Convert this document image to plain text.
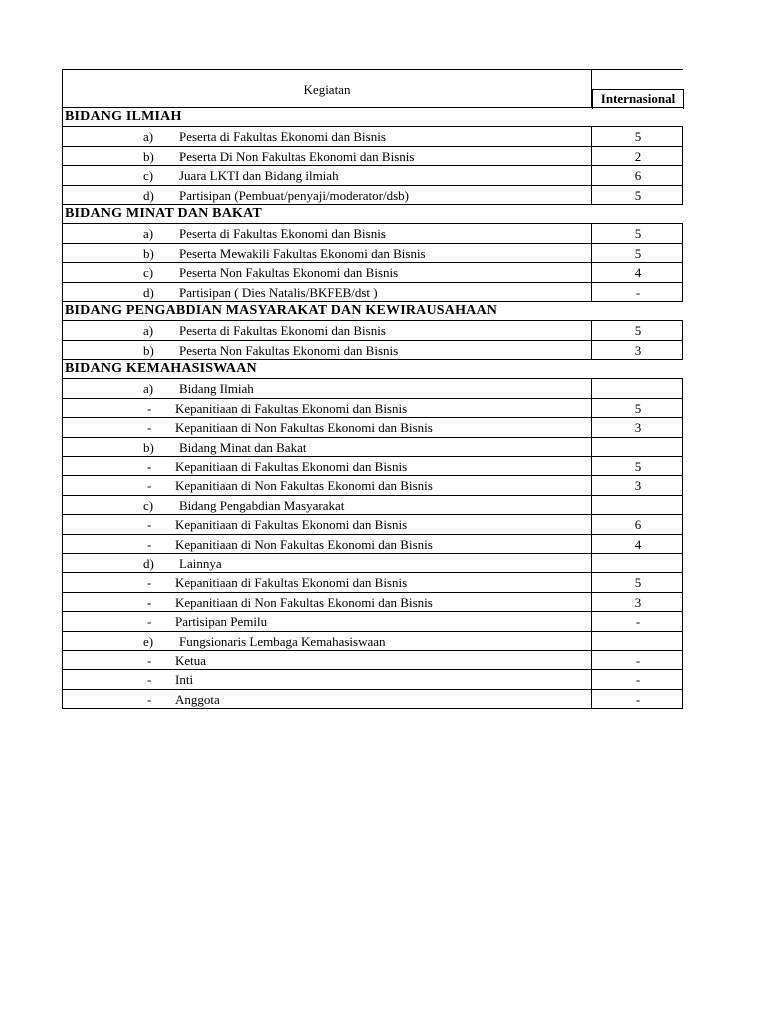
Kegiatan
Internasional
BIDANG ILMIAH
a) Peserta di Fakultas Ekonomi dan Bisnis	5
b) Peserta Di Non Fakultas Ekonomi dan Bisnis	2
c) Juara LKTI dan Bidang ilmiah	6
d) Partisipan (Pembuat/penyaji/moderator/dsb)	5
BIDANG MINAT DAN BAKAT
a) Peserta di Fakultas Ekonomi dan Bisnis	5
b) Peserta Mewakili Fakultas Ekonomi dan Bisnis	5
c) Peserta Non Fakultas Ekonomi dan Bisnis	4
d) Partisipan ( Dies Natalis/BKFEB/dst )	-
BIDANG PENGABDIAN MASYARAKAT DAN KEWIRAUSAHAAN
a) Peserta di Fakultas Ekonomi dan Bisnis	5
b) Peserta Non Fakultas Ekonomi dan Bisnis	3
BIDANG KEMAHASISWAAN
a) Bidang Ilmiah
- Kepanitiaan di Fakultas Ekonomi dan Bisnis	5
- Kepanitiaan di Non Fakultas Ekonomi dan Bisnis	3
b) Bidang Minat dan Bakat
- Kepanitiaan di Fakultas Ekonomi dan Bisnis	5
- Kepanitiaan di Non Fakultas Ekonomi dan Bisnis	3
c) Bidang Pengabdian Masyarakat
- Kepanitiaan di Fakultas Ekonomi dan Bisnis	6
- Kepanitiaan di Non Fakultas Ekonomi dan Bisnis	4
d) Lainnya
- Kepanitiaan di Fakultas Ekonomi dan Bisnis	5
- Kepanitiaan di Non Fakultas Ekonomi dan Bisnis	3
- Partisipan Pemilu	-
e) Fungsionaris Lembaga Kemahasiswaan
- Ketua	-
- Inti	-
- Anggota	-
